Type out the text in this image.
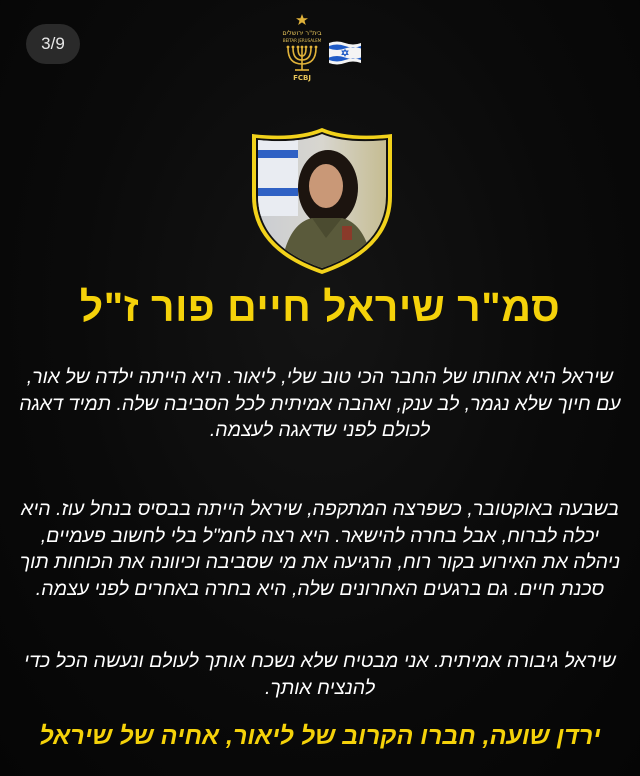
3/9
בית"ר ירושלים
BEITAR JERUSALEM
FCBJ
סמ"ר שיראל חיים פור ז"ל
שיראל היא אחותו של החבר הכי טוב שלי, ליאור. היא הייתה ילדה של אור, עם חיוך שלא נגמר, לב ענק, ואהבה אמיתית לכל הסביבה שלה. תמיד דאגה לכולם לפני שדאגה לעצמה.
בשבעה באוקטובר, כשפרצה המתקפה, שיראל הייתה בבסיס בנחל עוז. היא יכלה לברוח, אבל בחרה להישאר. היא רצה לחמ"ל בלי לחשוב פעמיים, ניהלה את האירוע בקור רוח, הרגיעה את מי שסביבה וכיוונה את הכוחות תוך סכנת חיים. גם ברגעים האחרונים שלה, היא בחרה באחרים לפני עצמה.
שיראל גיבורה אמיתית. אני מבטיח שלא נשכח אותך לעולם ונעשה הכל כדי להנציח אותך.
ירדן שועה, חברו הקרוב של ליאור, אחיה של שיראל
